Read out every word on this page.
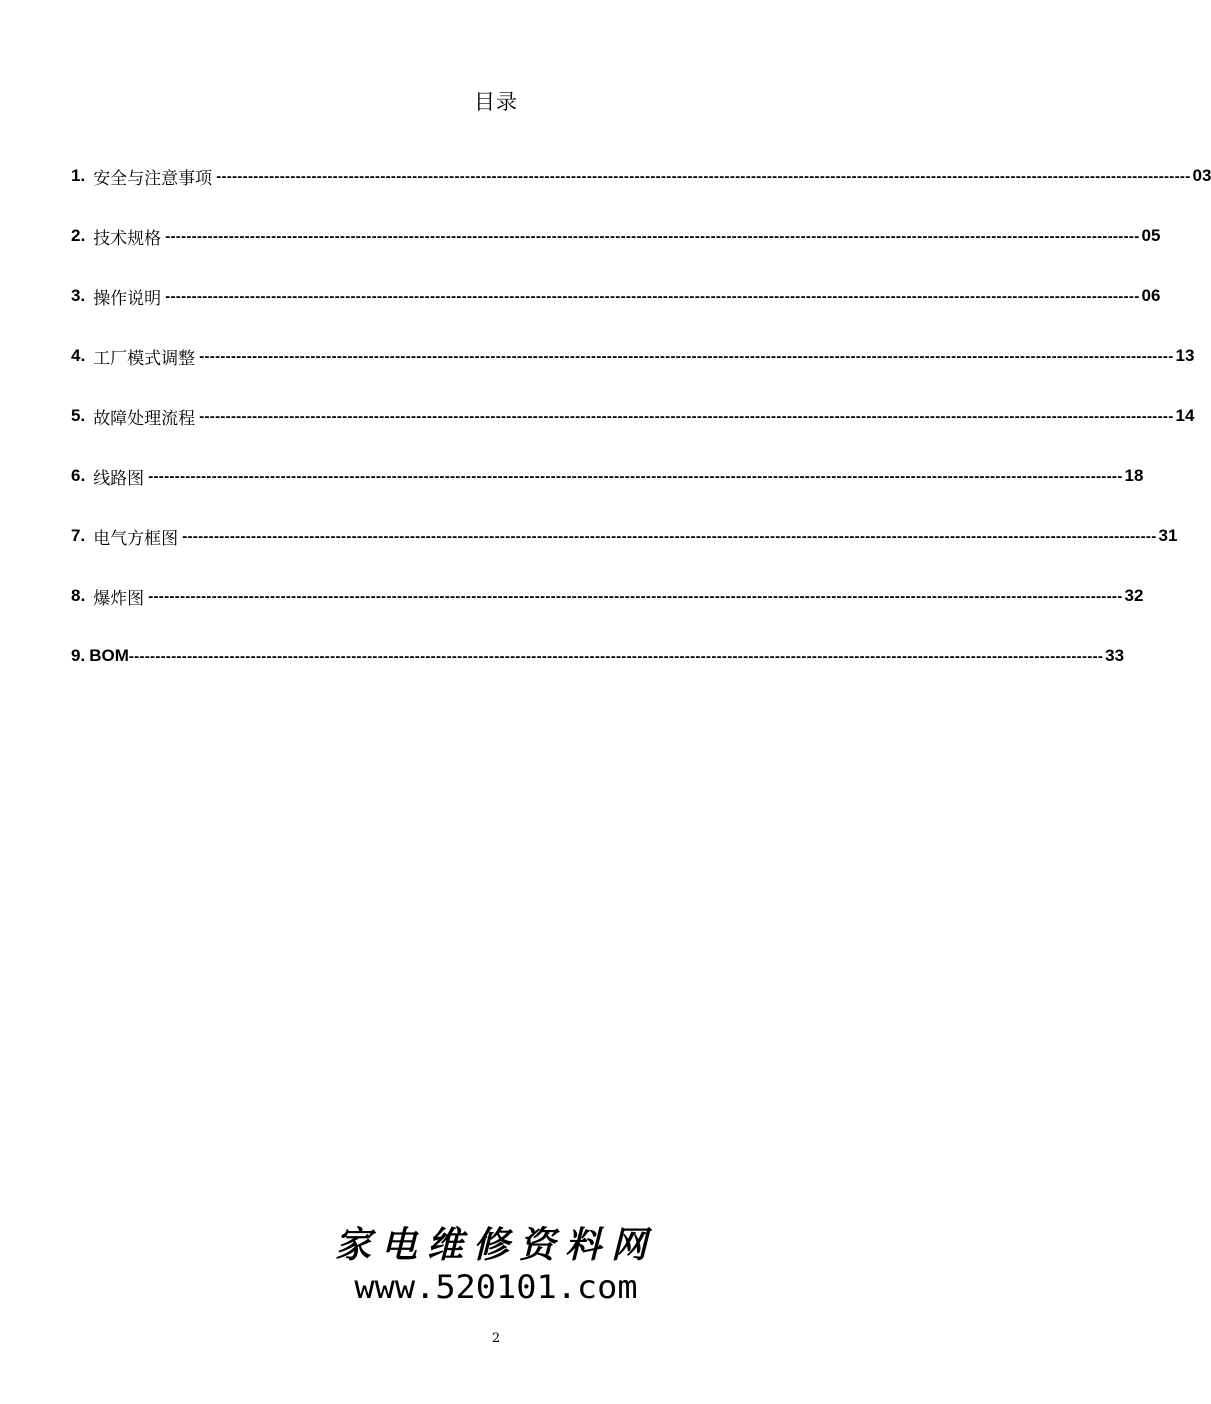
目录
1. 安全与注意事项 ---------------------------------------------------------------------------------------------------------------------------------------------------------------------------------------- 03
2. 技术规格 ---------------------------------------------------------------------------------------------------------------------------------------------------------------------------------------- 05
3. 操作说明 ---------------------------------------------------------------------------------------------------------------------------------------------------------------------------------------- 06
4. 工厂模式调整 ---------------------------------------------------------------------------------------------------------------------------------------------------------------------------------------- 13
5. 故障处理流程 ---------------------------------------------------------------------------------------------------------------------------------------------------------------------------------------- 14
6. 线路图 ---------------------------------------------------------------------------------------------------------------------------------------------------------------------------------------- 18
7. 电气方框图 ---------------------------------------------------------------------------------------------------------------------------------------------------------------------------------------- 31
8. 爆炸图 ---------------------------------------------------------------------------------------------------------------------------------------------------------------------------------------- 32
9. BOM ---------------------------------------------------------------------------------------------------------------------------------------------------------------------------------------- 33
家电维修资料网
www.520101.com
2
